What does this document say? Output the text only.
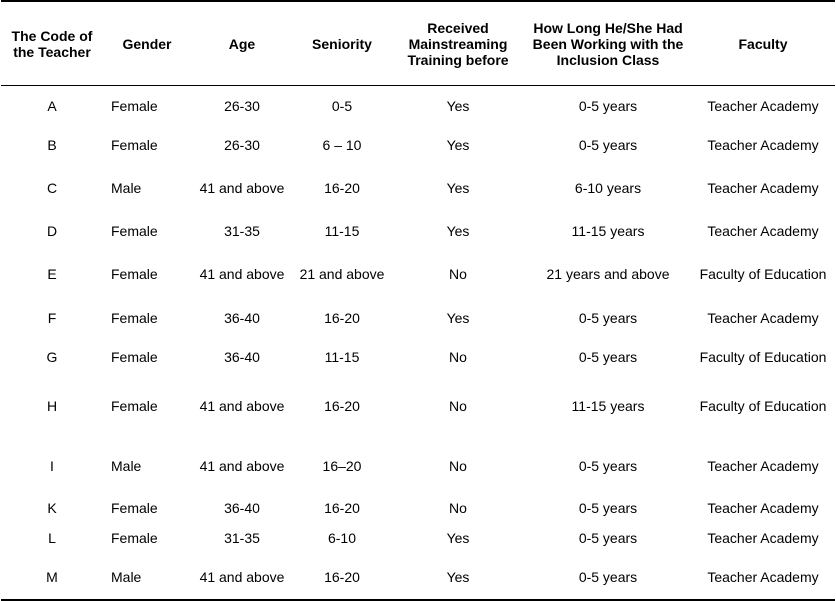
The Code of the Teacher	Gender	Age	Seniority	Received Mainstreaming Training before	How Long He/She Had Been Working with the Inclusion Class	Faculty
A	Female	26-30	0-5	Yes	0-5 years	Teacher Academy
B	Female	26-30	6 – 10	Yes	0-5 years	Teacher Academy
C	Male	41 and above	16-20	Yes	6-10 years	Teacher Academy
D	Female	31-35	11-15	Yes	11-15 years	Teacher Academy
E	Female	41 and above	21 and above	No	21 years and above	Faculty of Education
F	Female	36-40	16-20	Yes	0-5 years	Teacher Academy
G	Female	36-40	11-15	No	0-5 years	Faculty of Education
H	Female	41 and above	16-20	No	11-15 years	Faculty of Education
I	Male	41 and above	16–20	No	0-5 years	Teacher Academy
K	Female	36-40	16-20	No	0-5 years	Teacher Academy
L	Female	31-35	6-10	Yes	0-5 years	Teacher Academy
M	Male	41 and above	16-20	Yes	0-5 years	Teacher Academy
